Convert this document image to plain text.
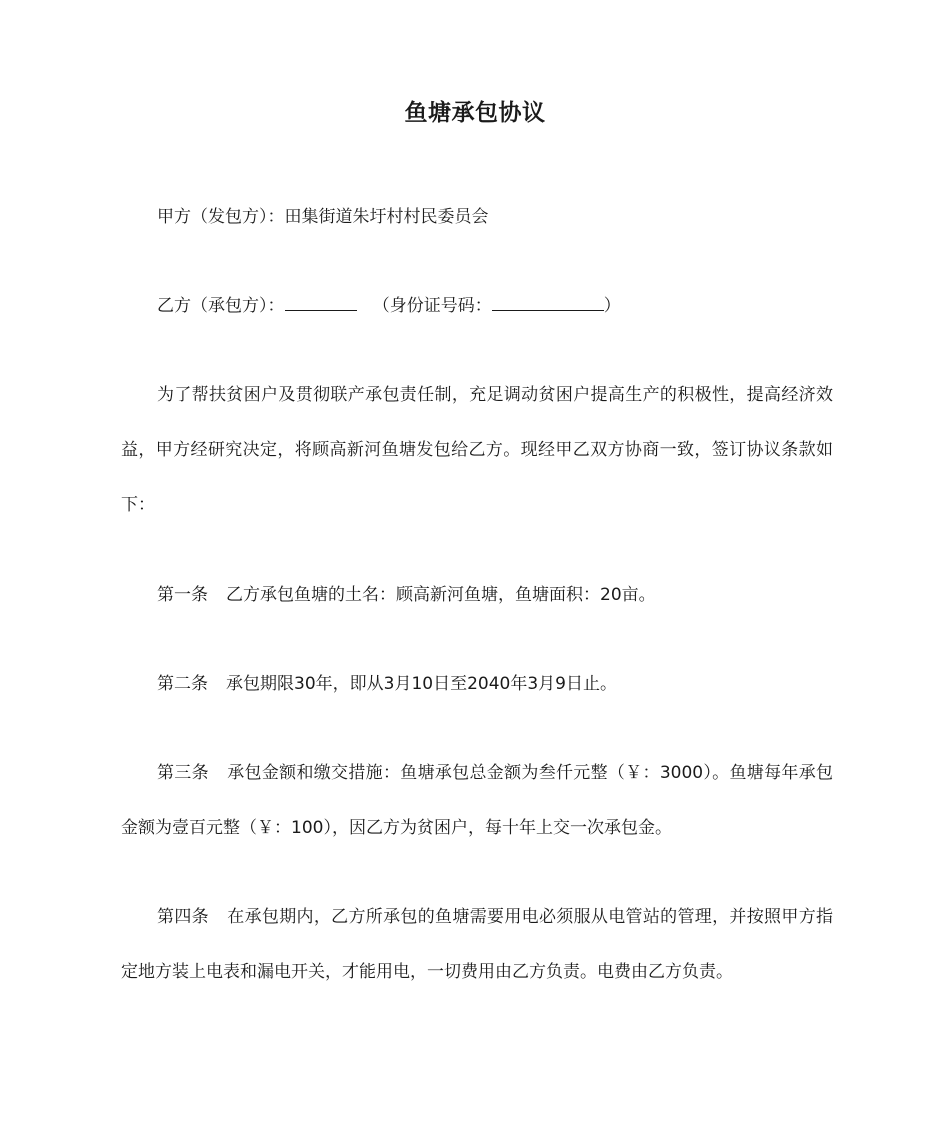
鱼塘承包协议

甲方（发包方）：田集街道朱圩村村民委员会

乙方（承包方）：	（身份证号码：	）

为了帮扶贫困户及贯彻联产承包责任制，充足调动贫困户提高生产的积极性，提高经济效益，甲方经研究决定，将顾高新河鱼塘发包给乙方。现经甲乙双方协商一致，签订协议条款如下：

第一条 乙方承包鱼塘的土名：顾高新河鱼塘，鱼塘面积：20亩。

第二条 承包期限30年，即从3月10日至2040年3月9日止。

第三条 承包金额和缴交措施：鱼塘承包总金额为叁仟元整（￥：3000）。鱼塘每年承包金额为壹百元整（￥：100），因乙方为贫困户，每十年上交一次承包金。

第四条 在承包期内，乙方所承包的鱼塘需要用电必须服从电管站的管理，并按照甲方指定地方装上电表和漏电开关，才能用电，一切费用由乙方负责。电费由乙方负责。
